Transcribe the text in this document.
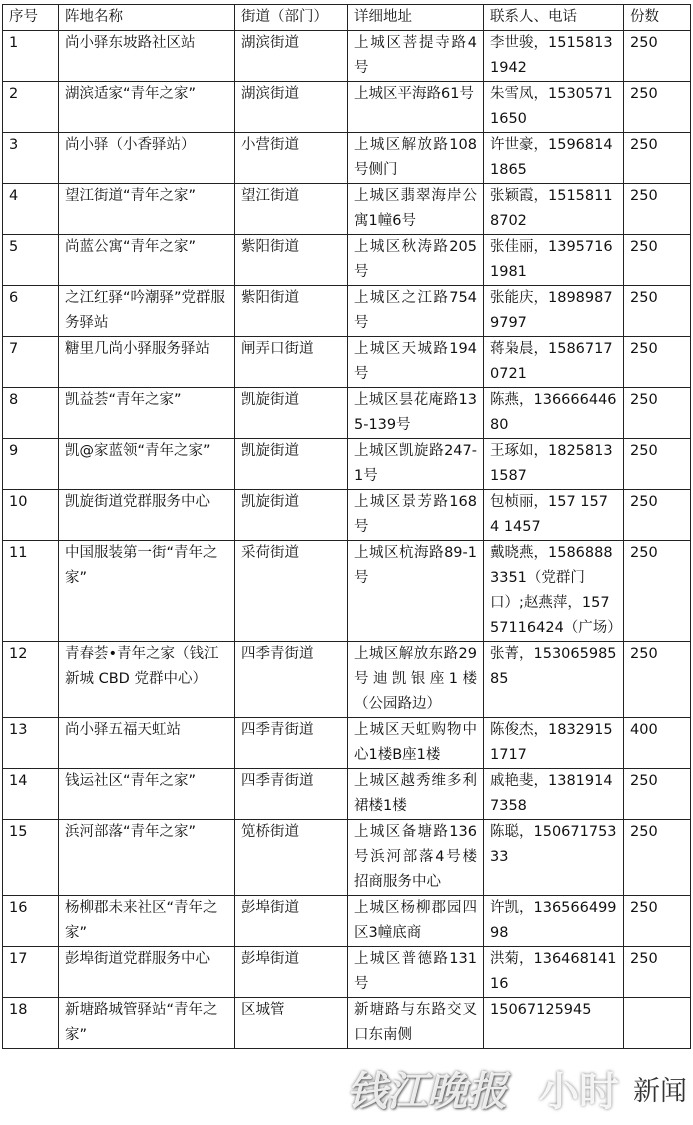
序号	阵地名称	街道（部门）	详细地址	联系人、电话	份数
1	尚小驿东坡路社区站	湖滨街道	上城区菩提寺路4号	李世骏，15158131942	250
2	湖滨适家“青年之家”	湖滨街道	上城区平海路61号	朱雪凤，15305711650	250
3	尚小驿（小香驿站）	小营街道	上城区解放路108号侧门	许世豪，15968141865	250
4	望江街道“青年之家”	望江街道	上城区翡翠海岸公寓1幢6号	张颖霞，15158118702	250
5	尚蓝公寓“青年之家”	紫阳街道	上城区秋涛路205号	张佳丽，13957161981	250
6	之江红驿“吟潮驿”党群服务驿站	紫阳街道	上城区之江路754号	张能庆，18989879797	250
7	糖里几尚小驿服务驿站	闸弄口街道	上城区天城路194号	蒋枭晨，15867170721	250
8	凯益荟“青年之家”	凯旋街道	上城区昙花庵路135-139号	陈燕，13666644680	250
9	凯@家蓝领“青年之家”	凯旋街道	上城区凯旋路247-1号	王琢如，18258131587	250
10	凯旋街道党群服务中心	凯旋街道	上城区景芳路168号	包桢丽，157 1574 1457	250
11	中国服装第一街“青年之家”	采荷街道	上城区杭海路89-1号	戴晓燕，15868883351（党群门口）;赵燕萍，15757116424（广场）	250
12	青春荟•青年之家（钱江新城 CBD 党群中心）	四季青街道	上城区解放东路29号迪凯银座1楼（公园路边）	张菁，15306598585	250
13	尚小驿五福天虹站	四季青街道	上城区天虹购物中心1楼B座1楼	陈俊杰，18329151717	400
14	钱运社区“青年之家”	四季青街道	上城区越秀维多利裙楼1楼	戚艳斐，13819147358	250
15	浜河部落“青年之家”	笕桥街道	上城区备塘路136号浜河部落4号楼招商服务中心	陈聪，15067175333	250
16	杨柳郡未来社区“青年之家”	彭埠街道	上城区杨柳郡园四区3幢底商	许凯，13656649998	250
17	彭埠街道党群服务中心	彭埠街道	上城区普德路131号	洪菊，13646814116	250
18	新塘路城管驿站“青年之家”	区城管	新塘路与东路交叉口东南侧	15067125945	
钱江晚报 小时 新闻
